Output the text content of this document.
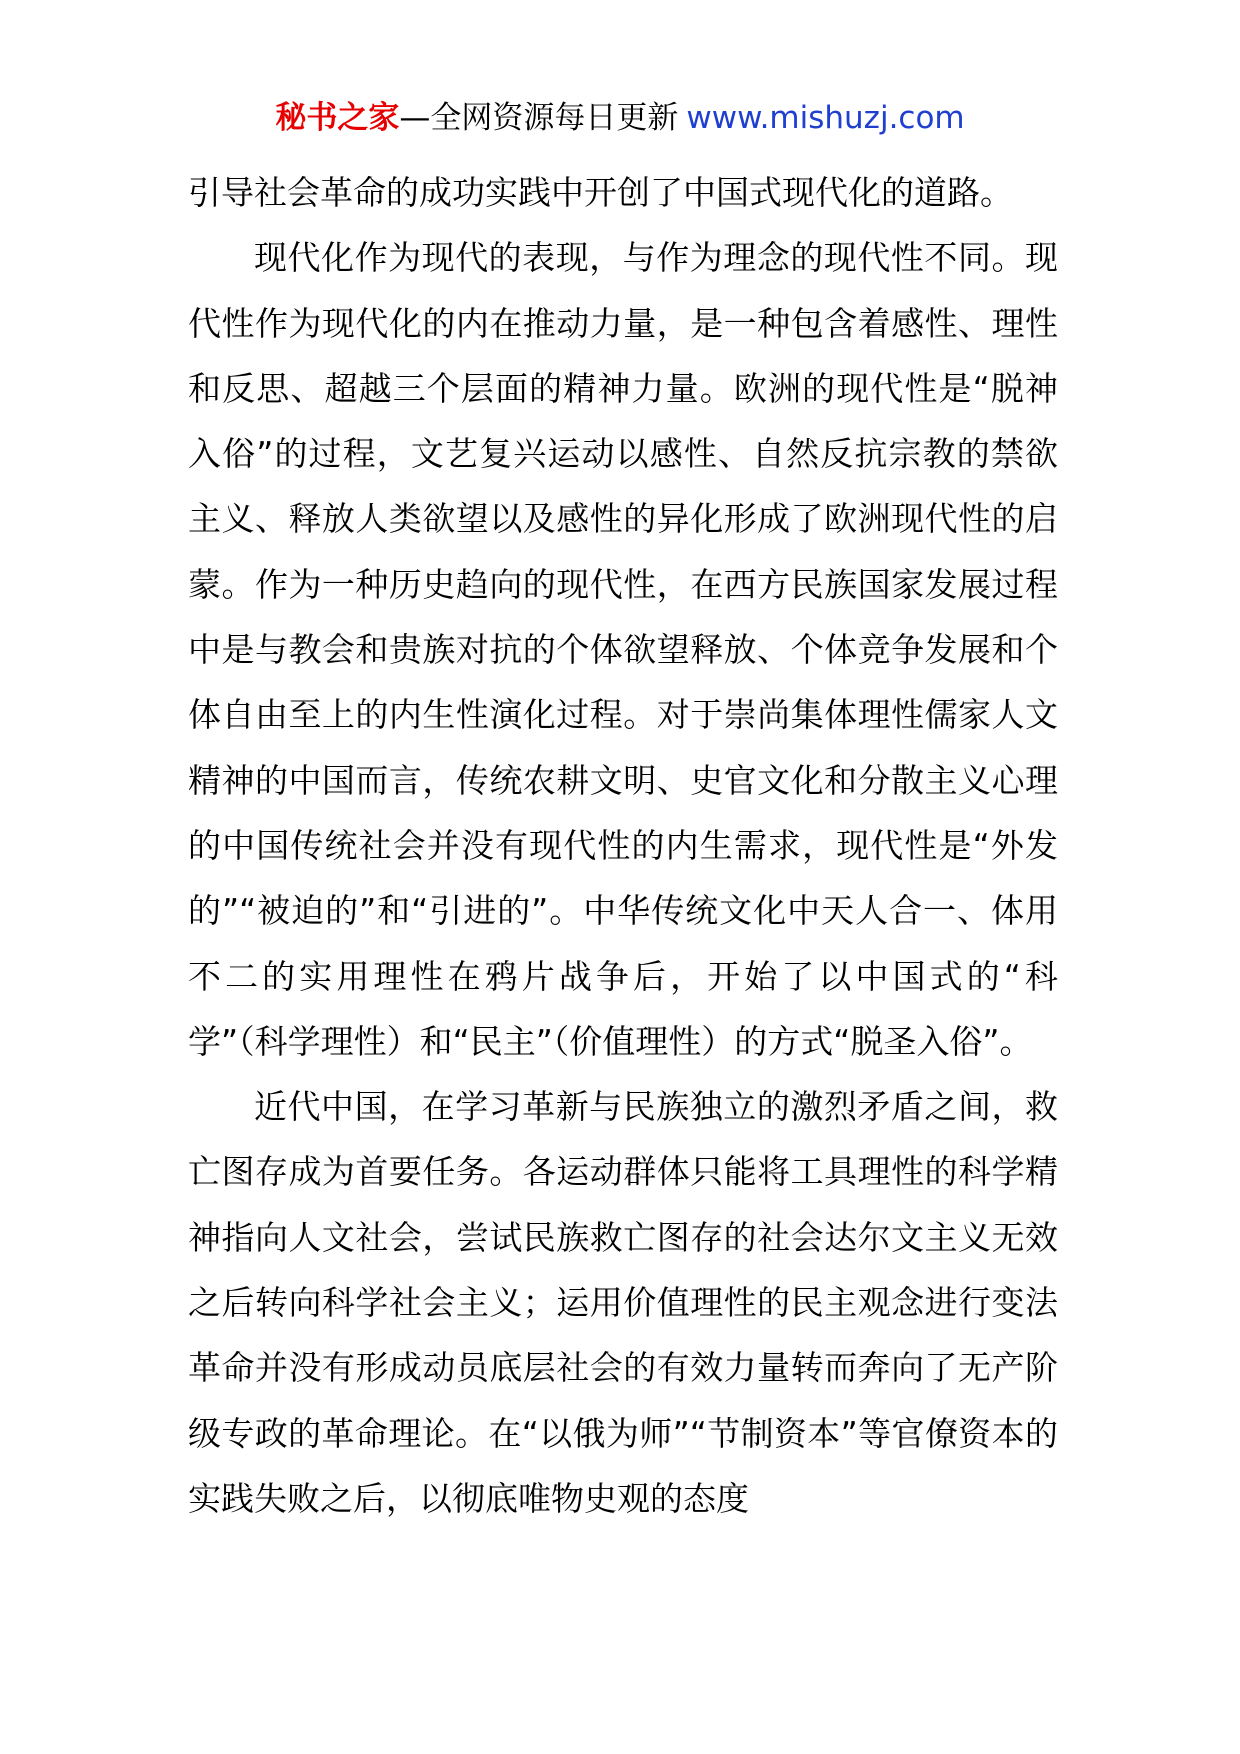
秘书之家—全网资源每日更新 www.mishuzj.com

引导社会革命的成功实践中开创了中国式现代化的道路。

现代化作为现代的表现，与作为理念的现代性不同。现代性作为现代化的内在推动力量，是一种包含着感性、理性和反思、超越三个层面的精神力量。欧洲的现代性是“脱神入俗”的过程，文艺复兴运动以感性、自然反抗宗教的禁欲主义、释放人类欲望以及感性的异化形成了欧洲现代性的启蒙。作为一种历史趋向的现代性，在西方民族国家发展过程中是与教会和贵族对抗的个体欲望释放、个体竞争发展和个体自由至上的内生性演化过程。对于崇尚集体理性儒家人文精神的中国而言，传统农耕文明、史官文化和分散主义心理的中国传统社会并没有现代性的内生需求，现代性是“外发的”“被迫的”和“引进的”。中华传统文化中天人合一、体用不二的实用理性在鸦片战争后，开始了以中国式的“科学”（科学理性）和“民主”（价值理性）的方式“脱圣入俗”。

近代中国，在学习革新与民族独立的激烈矛盾之间，救亡图存成为首要任务。各运动群体只能将工具理性的科学精神指向人文社会，尝试民族救亡图存的社会达尔文主义无效之后转向科学社会主义；运用价值理性的民主观念进行变法革命并没有形成动员底层社会的有效力量转而奔向了无产阶级专政的革命理论。在“以俄为师”“节制资本”等官僚资本的实践失败之后，以彻底唯物史观的态度
